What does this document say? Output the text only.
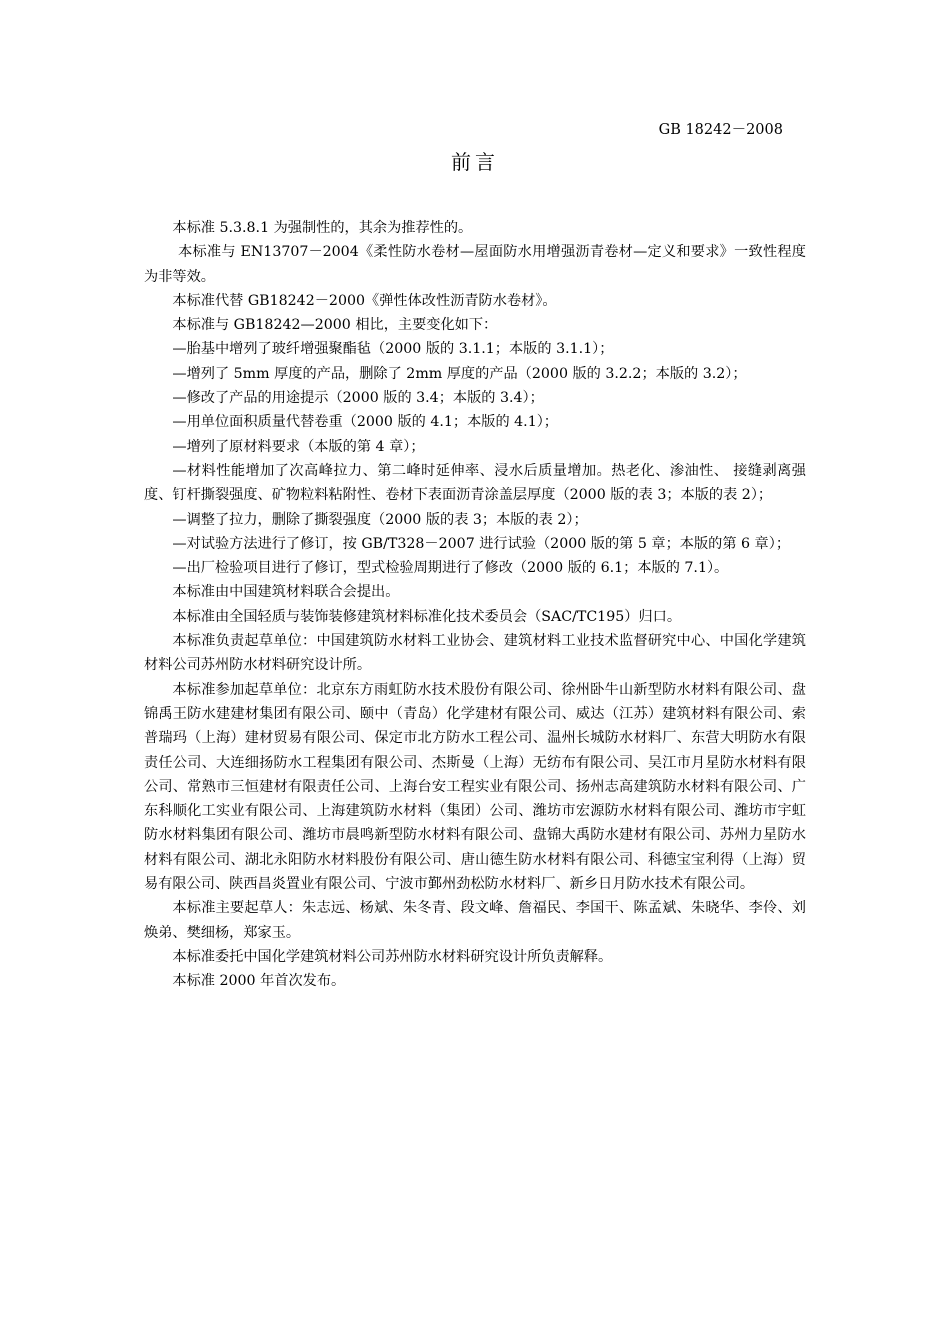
GB 18242－2008
前言

本标准 5.3.8.1 为强制性的，其余为推荐性的。

本标准与 EN13707－2004《柔性防水卷材—屋面防水用增强沥青卷材—定义和要求》一致性程度为非等效。

本标准代替 GB18242－2000《弹性体改性沥青防水卷材》。

本标准与 GB18242—2000 相比，主要变化如下：

—胎基中增列了玻纤增强聚酯毡（2000 版的 3.1.1；本版的 3.1.1）；

—增列了 5mm 厚度的产品，删除了 2mm 厚度的产品（2000 版的 3.2.2；本版的 3.2）；

—修改了产品的用途提示（2000 版的 3.4；本版的 3.4）；

—用单位面积质量代替卷重（2000 版的 4.1；本版的 4.1）；

—增列了原材料要求（本版的第 4 章）；

—材料性能增加了次高峰拉力、第二峰时延伸率、浸水后质量增加。热老化、渗油性、 接缝剥离强度、钉杆撕裂强度、矿物粒料粘附性、卷材下表面沥青涂盖层厚度（2000 版的表 3；本版的表 2）；

—调整了拉力，删除了撕裂强度（2000 版的表 3；本版的表 2）；

—对试验方法进行了修订，按 GB/T328－2007 进行试验（2000 版的第 5 章；本版的第 6 章）；

—出厂检验项目进行了修订，型式检验周期进行了修改（2000 版的 6.1；本版的 7.1）。

本标准由中国建筑材料联合会提出。

本标准由全国轻质与装饰装修建筑材料标准化技术委员会（SAC/TC195）归口。

本标准负责起草单位：中国建筑防水材料工业协会、建筑材料工业技术监督研究中心、中国化学建筑材料公司苏州防水材料研究设计所。

本标准参加起草单位：北京东方雨虹防水技术股份有限公司、徐州卧牛山新型防水材料有限公司、盘锦禹王防水建建材集团有限公司、颐中（青岛）化学建材有限公司、威达（江苏）建筑材料有限公司、索普瑞玛（上海）建材贸易有限公司、保定市北方防水工程公司、温州长城防水材料厂、东营大明防水有限责任公司、大连细扬防水工程集团有限公司、杰斯曼（上海）无纺布有限公司、吴江市月星防水材料有限公司、常熟市三恒建材有限责任公司、上海台安工程实业有限公司、扬州志高建筑防水材料有限公司、广东科顺化工实业有限公司、上海建筑防水材料（集团）公司、潍坊市宏源防水材料有限公司、潍坊市宇虹防水材料集团有限公司、潍坊市晨鸣新型防水材料有限公司、盘锦大禹防水建材有限公司、苏州力星防水材料有限公司、湖北永阳防水材料股份有限公司、唐山德生防水材料有限公司、科德宝宝利得（上海）贸易有限公司、陕西昌炎置业有限公司、宁波市鄞州劲松防水材料厂、新乡日月防水技术有限公司。

本标准主要起草人：朱志远、杨斌、朱冬青、段文峰、詹福民、李国干、陈孟斌、朱晓华、李伶、刘焕弟、樊细杨，郑家玉。

本标准委托中国化学建筑材料公司苏州防水材料研究设计所负责解释。

本标准 2000 年首次发布。
